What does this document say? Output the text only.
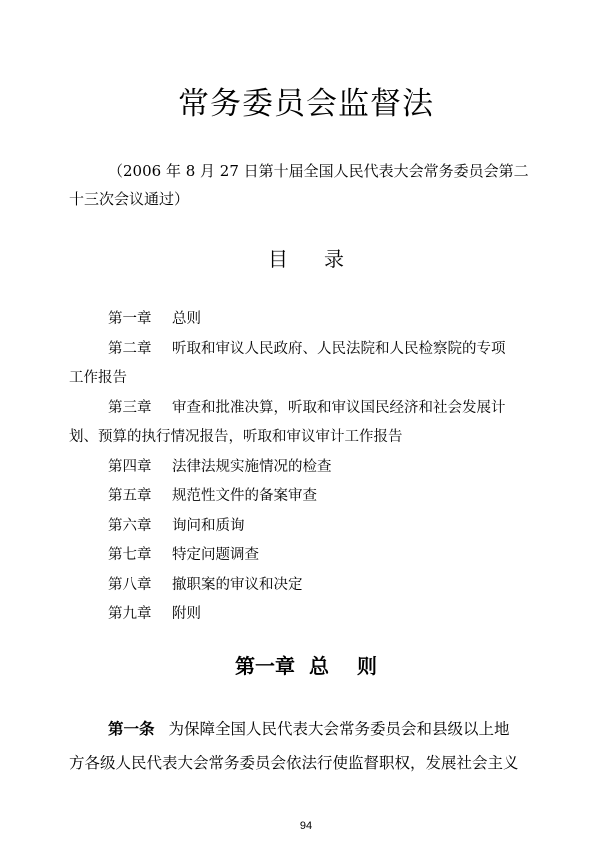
常务委员会监督法
（2006 年 8 月 27 日第十届全国人民代表大会常务委员会第二
十三次会议通过）
目 录
第一章 总则
第二章 听取和审议人民政府、人民法院和人民检察院的专项
工作报告
第三章 审查和批准决算，听取和审议国民经济和社会发展计
划、预算的执行情况报告，听取和审议审计工作报告
第四章 法律法规实施情况的检查
第五章 规范性文件的备案审查
第六章 询问和质询
第七章 特定问题调查
第八章 撤职案的审议和决定
第九章 附则
第一章 总 则
第一条 为保障全国人民代表大会常务委员会和县级以上地
方各级人民代表大会常务委员会依法行使监督职权，发展社会主义
94
